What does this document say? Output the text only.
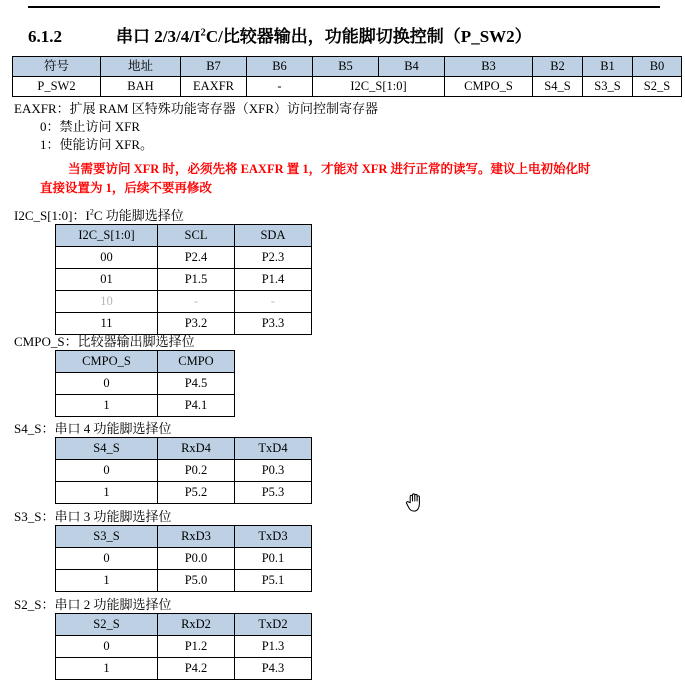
6.1.2	串口 $2/3/4/I^2C/$比较器输出，功能脚切换控制（P_SW2）
符号	地址	B7	B6	B5	B4	B3	B2	B1	B0
P_SW2	BAH	EAXFR	-	I2C_S[1:0]		CMPO_S	S4_S	S3_S	S2_S
EAXFR：扩展 RAM 区特殊功能寄存器（XFR）访问控制寄存器
0：禁止访问 XFR
1：使能访问 XFR。
当需要访问 XFR 时，必须先将 EAXFR 置 1，才能对 XFR 进行正常的读写。建议上电初始化时
直接设置为 1，后续不要再修改
I2C_S[1:0]：$I^2C$ 功能脚选择位
I2C_S[1:0]	SCL	SDA
00	P2.4	P2.3
01	P1.5	P1.4
10	-	-
11	P3.2	P3.3
CMPO_S：比较器输出脚选择位
CMPO_S	CMPO
0	P4.5
1	P4.1
S4_S：串口 4 功能脚选择位
S4_S	RxD4	TxD4
0	P0.2	P0.3
1	P5.2	P5.3
S3_S：串口 3 功能脚选择位
S3_S	RxD3	TxD3
0	P0.0	P0.1
1	P5.0	P5.1
S2_S：串口 2 功能脚选择位
S2_S	RxD2	TxD2
0	P1.2	P1.3
1	P4.2	P4.3
